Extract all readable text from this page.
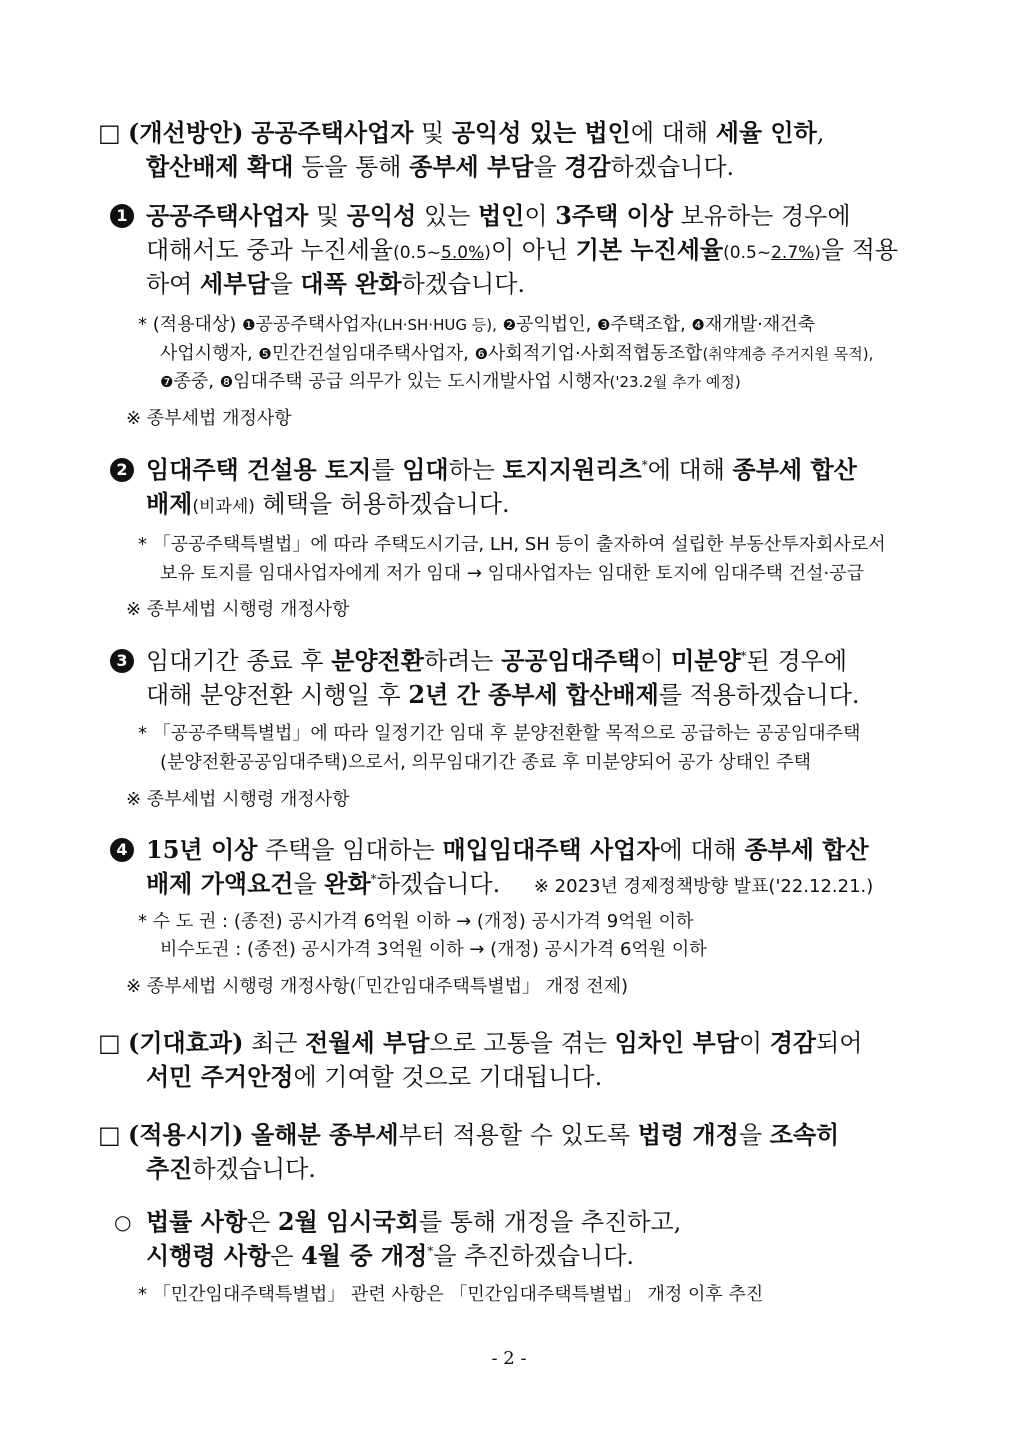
□ (개선방안) 공공주택사업자 및 공익성 있는 법인에 대해 세율 인하,
합산배제 확대 등을 통해 종부세 부담을 경감하겠습니다.
1 공공주택사업자 및 공익성 있는 법인이 3주택 이상 보유하는 경우에
대해서도 중과 누진세율(0.5~5.0%)이 아닌 기본 누진세율(0.5~2.7%)을 적용
하여 세부담을 대폭 완화하겠습니다.
* (적용대상) ❶공공주택사업자(LH·SH·HUG 등), ❷공익법인, ❸주택조합, ❹재개발·재건축
사업시행자, ❺민간건설임대주택사업자, ❻사회적기업·사회적협동조합(취약계층 주거지원 목적),
❼종중, ❽임대주택 공급 의무가 있는 도시개발사업 시행자('23.2월 추가 예정)
※ 종부세법 개정사항
2 임대주택 건설용 토지를 임대하는 토지지원리츠*에 대해 종부세 합산
배제(비과세) 혜택을 허용하겠습니다.
* 「공공주택특별법」에 따라 주택도시기금, LH, SH 등이 출자하여 설립한 부동산투자회사로서
보유 토지를 임대사업자에게 저가 임대 → 임대사업자는 임대한 토지에 임대주택 건설·공급
※ 종부세법 시행령 개정사항
3 임대기간 종료 후 분양전환하려는 공공임대주택이 미분양*된 경우에
대해 분양전환 시행일 후 2년 간 종부세 합산배제를 적용하겠습니다.
* 「공공주택특별법」에 따라 일정기간 임대 후 분양전환할 목적으로 공급하는 공공임대주택
(분양전환공공임대주택)으로서, 의무임대기간 종료 후 미분양되어 공가 상태인 주택
※ 종부세법 시행령 개정사항
4 15년 이상 주택을 임대하는 매입임대주택 사업자에 대해 종부세 합산
배제 가액요건을 완화*하겠습니다. ※ 2023년 경제정책방향 발표('22.12.21.)
* 수 도 권 : (종전) 공시가격 6억원 이하 → (개정) 공시가격 9억원 이하
비수도권 : (종전) 공시가격 3억원 이하 → (개정) 공시가격 6억원 이하
※ 종부세법 시행령 개정사항(「민간임대주택특별법」 개정 전제)
□ (기대효과) 최근 전월세 부담으로 고통을 겪는 임차인 부담이 경감되어
서민 주거안정에 기여할 것으로 기대됩니다.
□ (적용시기) 올해분 종부세부터 적용할 수 있도록 법령 개정을 조속히
추진하겠습니다.
○ 법률 사항은 2월 임시국회를 통해 개정을 추진하고,
시행령 사항은 4월 중 개정*을 추진하겠습니다.
* 「민간임대주택특별법」 관련 사항은 「민간임대주택특별법」 개정 이후 추진
- 2 -
